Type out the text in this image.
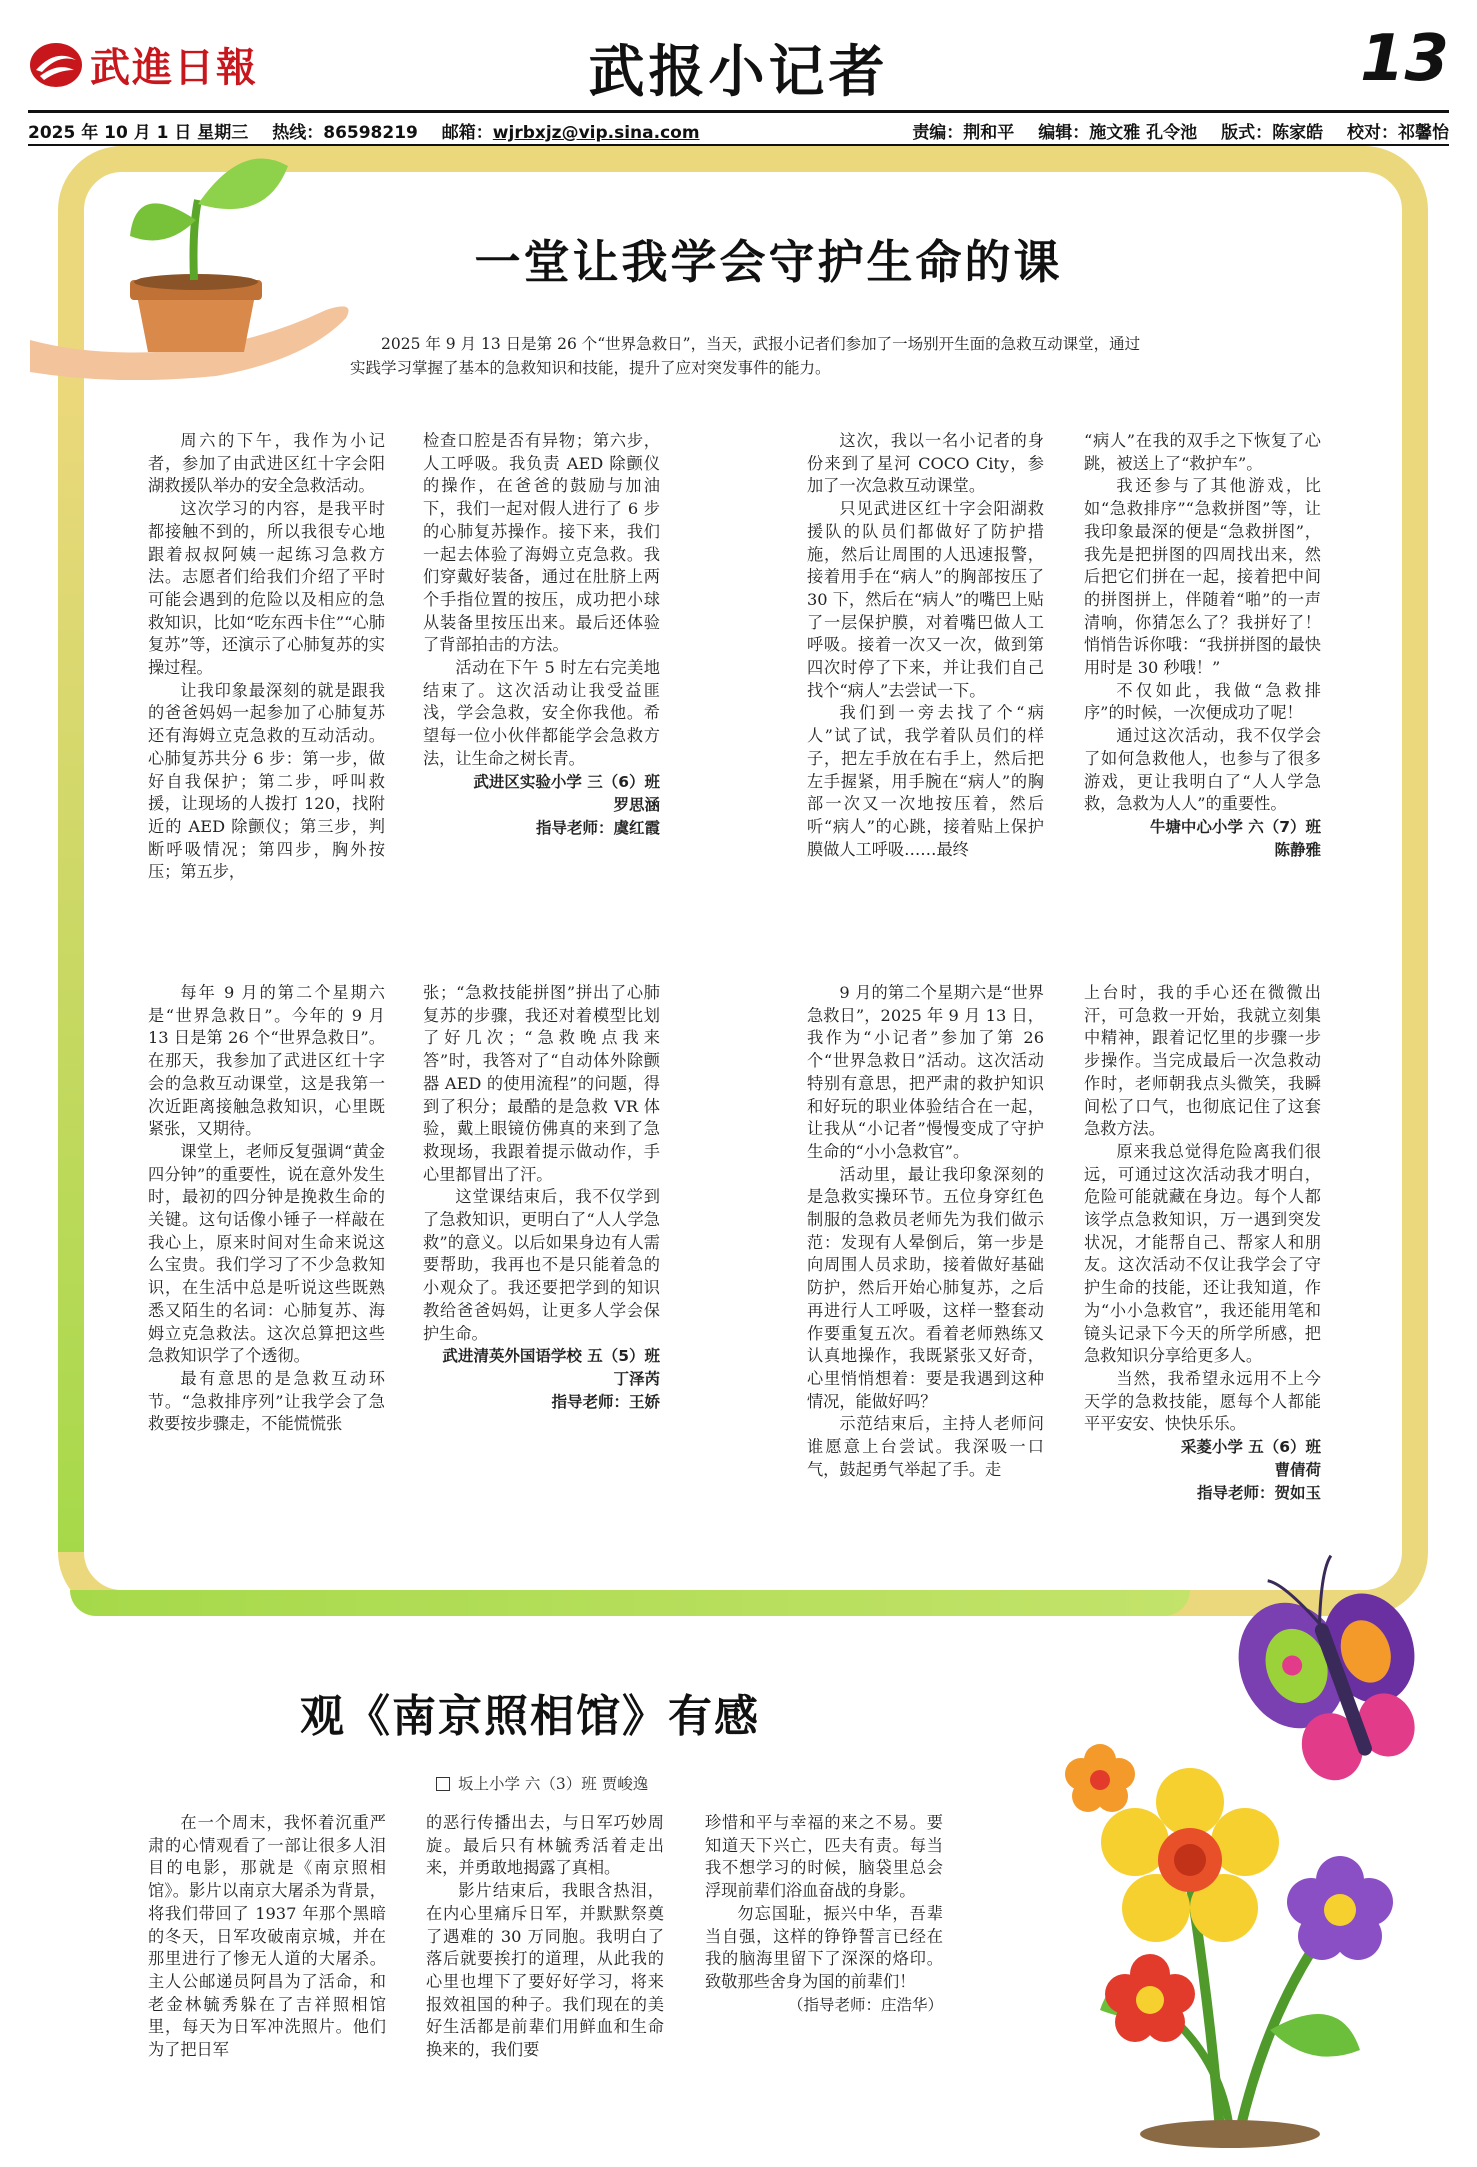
武進日報	武报小记者	13
2025 年 10 月 1 日 星期三 热线：86598219 邮箱：wjrbxjz@vip.sina.com	责编：荆和平 编辑：施文雅 孔令池 版式：陈家皓 校对：祁馨怡
一堂让我学会守护生命的课
2025 年 9 月 13 日是第 26 个“世界急救日”，当天，武报小记者们参加了一场别开生面的急救互动课堂，通过实践学习掌握了基本的急救知识和技能，提升了应对突发事件的能力。

周六的下午，我作为小记者，参加了由武进区红十字会阳湖救援队举办的安全急救活动。

这次学习的内容，是我平时都接触不到的，所以我很专心地跟着叔叔阿姨一起练习急救方法。志愿者们给我们介绍了平时可能会遇到的危险以及相应的急救知识，比如“吃东西卡住”“心肺复苏”等，还演示了心肺复苏的实操过程。

让我印象最深刻的就是跟我的爸爸妈妈一起参加了心肺复苏还有海姆立克急救的互动活动。心肺复苏共分 6 步：第一步，做好自我保护；第二步，呼叫救援，让现场的人拨打 120，找附近的 AED 除颤仪；第三步，判断呼吸情况；第四步，胸外按压；第五步，

检查口腔是否有异物；第六步，人工呼吸。我负责 AED 除颤仪的操作，在爸爸的鼓励与加油下，我们一起对假人进行了 6 步的心肺复苏操作。接下来，我们一起去体验了海姆立克急救。我们穿戴好装备，通过在肚脐上两个手指位置的按压，成功把小球从装备里按压出来。最后还体验了背部拍击的方法。

活动在下午 5 时左右完美地结束了。这次活动让我受益匪浅，学会急救，安全你我他。希望每一位小伙伴都能学会急救方法，让生命之树长青。

武进区实验小学 三（6）班
罗思涵
指导老师：虞红霞

这次，我以一名小记者的身份来到了星河 COCO City，参加了一次急救互动课堂。

只见武进区红十字会阳湖救援队的队员们都做好了防护措施，然后让周围的人迅速报警，接着用手在“病人”的胸部按压了 30 下，然后在“病人”的嘴巴上贴了一层保护膜，对着嘴巴做人工呼吸。接着一次又一次，做到第四次时停了下来，并让我们自己找个“病人”去尝试一下。

我们到一旁去找了个“病人”试了试，我学着队员们的样子，把左手放在右手上，然后把左手握紧，用手腕在“病人”的胸部一次又一次地按压着，然后听“病人”的心跳，接着贴上保护膜做人工呼吸……最终

“病人”在我的双手之下恢复了心跳，被送上了“救护车”。

我还参与了其他游戏，比如“急救排序”“急救拼图”等，让我印象最深的便是“急救拼图”，我先是把拼图的四周找出来，然后把它们拼在一起，接着把中间的拼图拼上，伴随着“啪”的一声清响，你猜怎么了？我拼好了！悄悄告诉你哦：“我拼拼图的最快用时是 30 秒哦！”

不仅如此，我做“急救排序”的时候，一次便成功了呢！

通过这次活动，我不仅学会了如何急救他人，也参与了很多游戏，更让我明白了“人人学急救，急救为人人”的重要性。

牛塘中心小学 六（7）班
陈静雅

每年 9 月的第二个星期六是“世界急救日”。今年的 9 月 13 日是第 26 个“世界急救日”。在那天，我参加了武进区红十字会的急救互动课堂，这是我第一次近距离接触急救知识，心里既紧张，又期待。

课堂上，老师反复强调“黄金四分钟”的重要性，说在意外发生时，最初的四分钟是挽救生命的关键。这句话像小锤子一样敲在我心上，原来时间对生命来说这么宝贵。我们学习了不少急救知识，在生活中总是听说这些既熟悉又陌生的名词：心肺复苏、海姆立克急救法。这次总算把这些急救知识学了个透彻。

最有意思的是急救互动环节。“急救排序列”让我学会了急救要按步骤走，不能慌慌张

张；“急救技能拼图”拼出了心肺复苏的步骤，我还对着模型比划了好几次；“急救晚点我来答”时，我答对了“自动体外除颤器 AED 的使用流程”的问题，得到了积分；最酷的是急救 VR 体验，戴上眼镜仿佛真的来到了急救现场，我跟着提示做动作，手心里都冒出了汗。

这堂课结束后，我不仅学到了急救知识，更明白了“人人学急救”的意义。以后如果身边有人需要帮助，我再也不是只能着急的小观众了。我还要把学到的知识教给爸爸妈妈，让更多人学会保护生命。

武进清英外国语学校 五（5）班
丁泽芮
指导老师：王娇

9 月的第二个星期六是“世界急救日”，2025 年 9 月 13 日，我作为“小记者”参加了第 26 个“世界急救日”活动。这次活动特别有意思，把严肃的救护知识和好玩的职业体验结合在一起，让我从“小记者”慢慢变成了守护生命的“小小急救官”。

活动里，最让我印象深刻的是急救实操环节。五位身穿红色制服的急救员老师先为我们做示范：发现有人晕倒后，第一步是向周围人员求助，接着做好基础防护，然后开始心肺复苏，之后再进行人工呼吸，这样一整套动作要重复五次。看着老师熟练又认真地操作，我既紧张又好奇，心里悄悄想着：要是我遇到这种情况，能做好吗？

示范结束后，主持人老师问谁愿意上台尝试。我深吸一口气，鼓起勇气举起了手。走

上台时，我的手心还在微微出汗，可急救一开始，我就立刻集中精神，跟着记忆里的步骤一步步操作。当完成最后一次急救动作时，老师朝我点头微笑，我瞬间松了口气，也彻底记住了这套急救方法。

原来我总觉得危险离我们很远，可通过这次活动我才明白，危险可能就藏在身边。每个人都该学点急救知识，万一遇到突发状况，才能帮自己、帮家人和朋友。这次活动不仅让我学会了守护生命的技能，还让我知道，作为“小小急救官”，我还能用笔和镜头记录下今天的所学所感，把急救知识分享给更多人。

当然，我希望永远用不上今天学的急救技能，愿每个人都能平平安安、快快乐乐。

采菱小学 五（6）班
曹倩荷
指导老师：贺如玉
观《南京照相馆》有感
坂上小学 六（3）班 贾峻逸

在一个周末，我怀着沉重严肃的心情观看了一部让很多人泪目的电影，那就是《南京照相馆》。影片以南京大屠杀为背景，将我们带回了 1937 年那个黑暗的冬天，日军攻破南京城，并在那里进行了惨无人道的大屠杀。主人公邮递员阿昌为了活命，和老金林毓秀躲在了吉祥照相馆里，每天为日军冲洗照片。他们为了把日军

的恶行传播出去，与日军巧妙周旋。最后只有林毓秀活着走出来，并勇敢地揭露了真相。

影片结束后，我眼含热泪，在内心里痛斥日军，并默默祭奠了遇难的 30 万同胞。我明白了落后就要挨打的道理，从此我的心里也埋下了要好好学习，将来报效祖国的种子。我们现在的美好生活都是前辈们用鲜血和生命换来的，我们要

珍惜和平与幸福的来之不易。要知道天下兴亡，匹夫有责。每当我不想学习的时候，脑袋里总会浮现前辈们浴血奋战的身影。

勿忘国耻，振兴中华，吾辈当自强，这样的铮铮誓言已经在我的脑海里留下了深深的烙印。致敬那些舍身为国的前辈们！

（指导老师：庄浩华）
